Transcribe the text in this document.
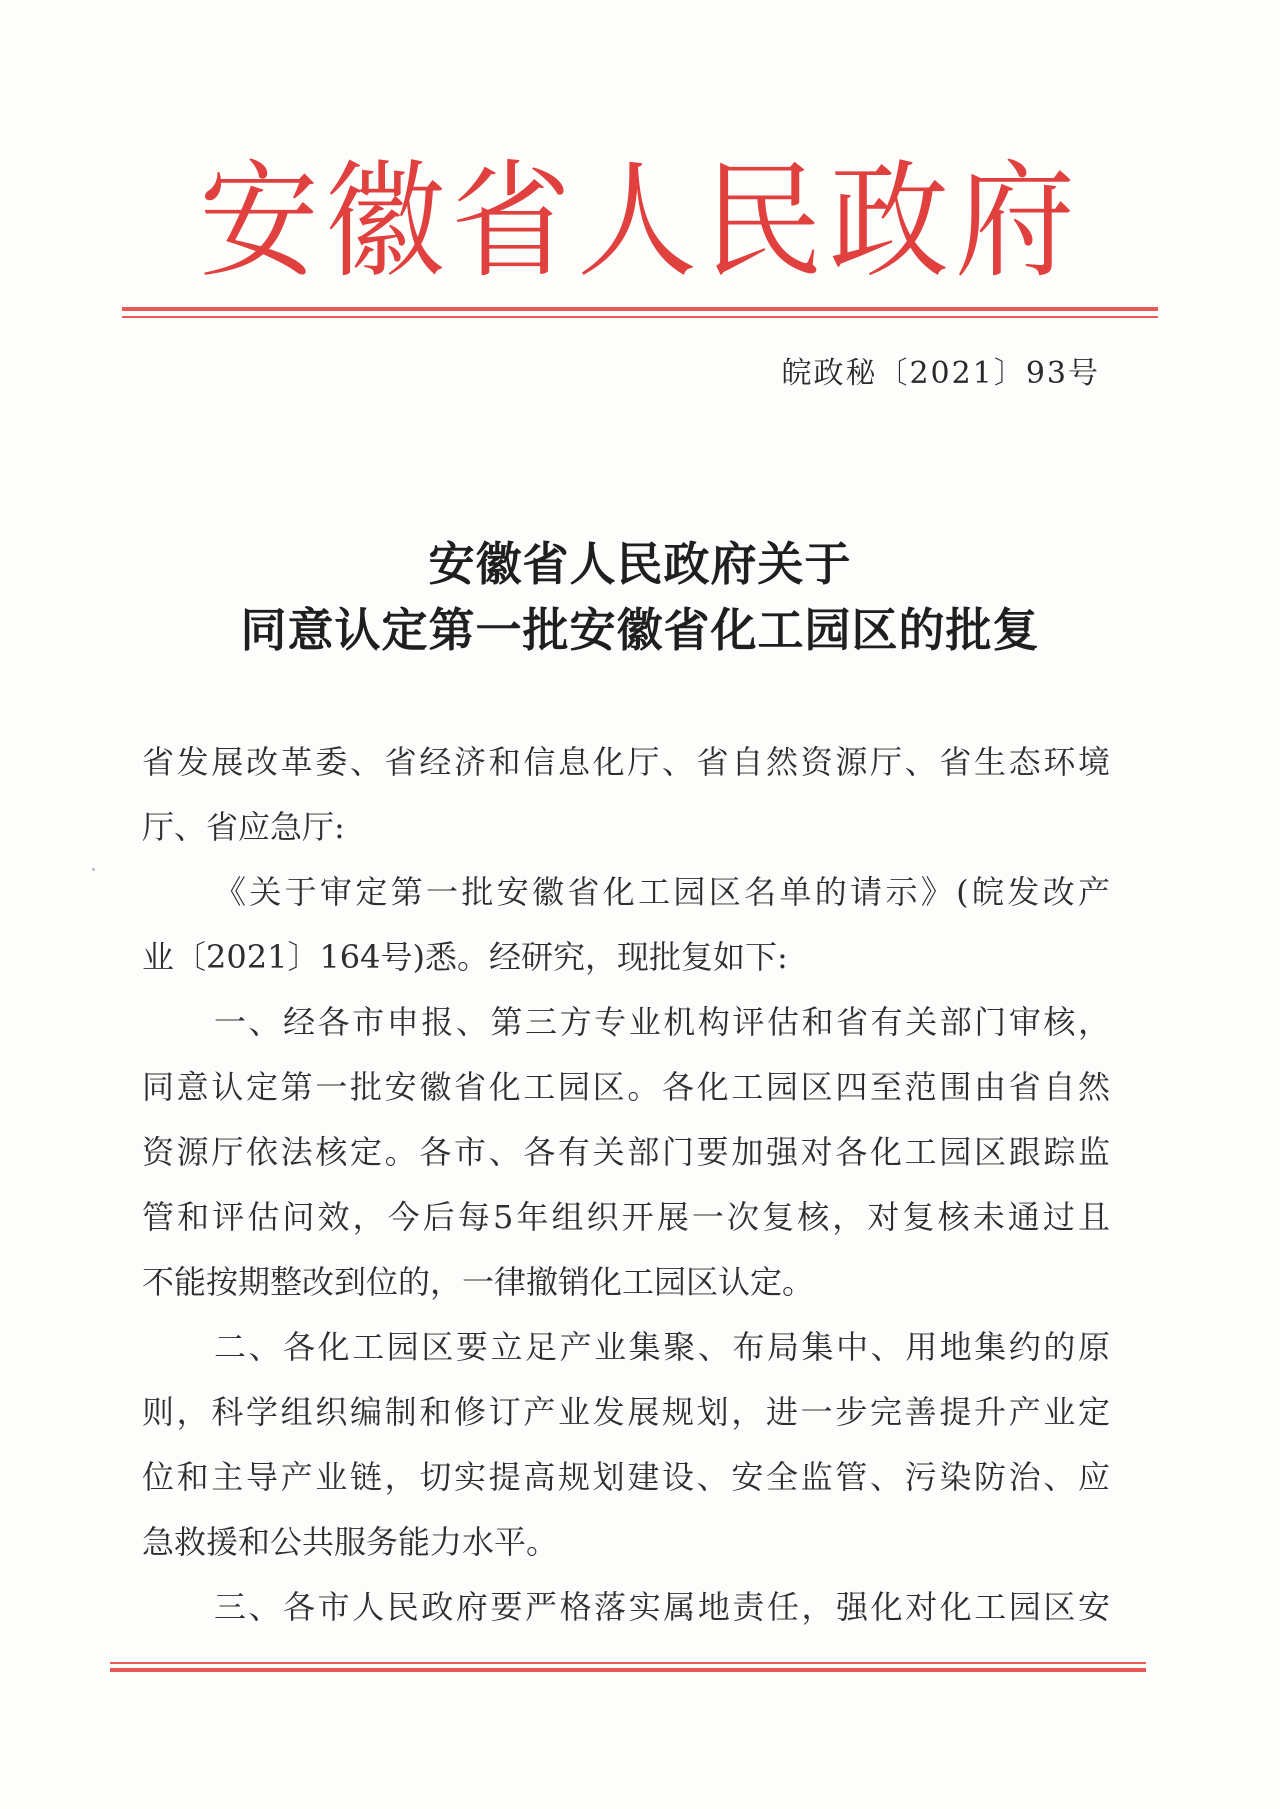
安徽省人民政府
皖政秘〔2021〕93号
安徽省人民政府关于
同意认定第一批安徽省化工园区的批复
省发展改革委、省经济和信息化厅、省自然资源厅、省生态环境
厅、省应急厅:
《关于审定第一批安徽省化工园区名单的请示》(皖发改产
业〔2021〕164号)悉。经研究，现批复如下:
一、经各市申报、第三方专业机构评估和省有关部门审核，
同意认定第一批安徽省化工园区。各化工园区四至范围由省自然
资源厅依法核定。各市、各有关部门要加强对各化工园区跟踪监
管和评估问效，今后每5年组织开展一次复核，对复核未通过且
不能按期整改到位的，一律撤销化工园区认定。
二、各化工园区要立足产业集聚、布局集中、用地集约的原
则，科学组织编制和修订产业发展规划，进一步完善提升产业定
位和主导产业链，切实提高规划建设、安全监管、污染防治、应
急救援和公共服务能力水平。
三、各市人民政府要严格落实属地责任，强化对化工园区安
